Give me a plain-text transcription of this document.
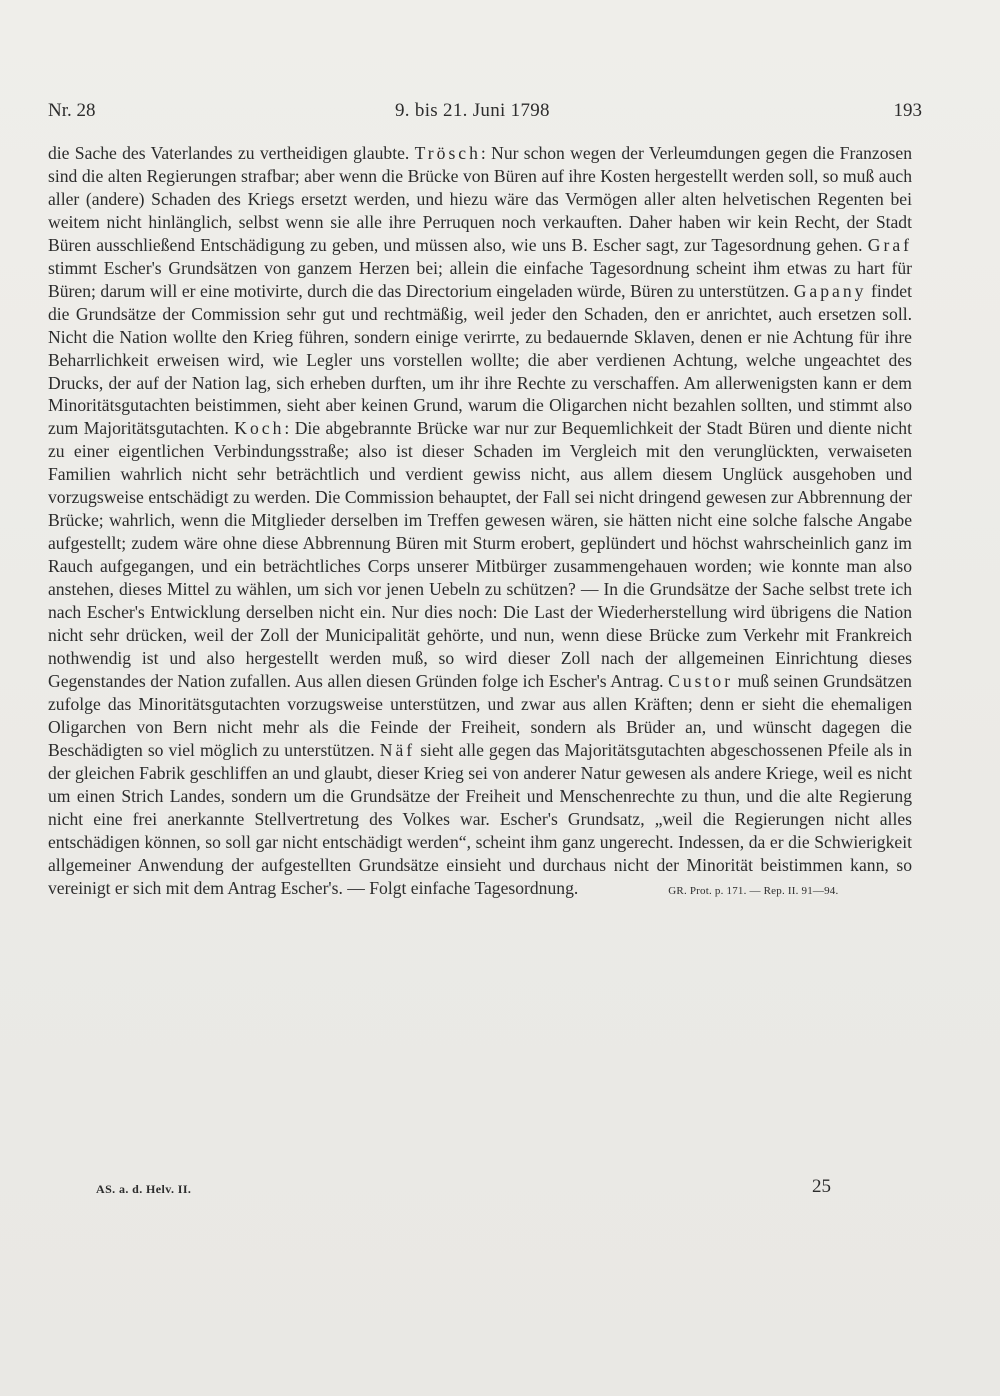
Nr. 28	9. bis 21. Juni 1798	193

die Sache des Vaterlandes zu vertheidigen glaubte. Trösch: Nur schon wegen der Verleumdungen gegen die Franzosen sind die alten Regierungen strafbar; aber wenn die Brücke von Büren auf ihre Kosten hergestellt werden soll, so muß auch aller (andere) Schaden des Kriegs ersetzt werden, und hiezu wäre das Vermögen aller alten helvetischen Regenten bei weitem nicht hinlänglich, selbst wenn sie alle ihre Perruquen noch verkauften. Daher haben wir kein Recht, der Stadt Büren ausschließend Entschädigung zu geben, und müssen also, wie uns B. Escher sagt, zur Tagesordnung gehen. Graf stimmt Escher's Grundsätzen von ganzem Herzen bei; allein die einfache Tagesordnung scheint ihm etwas zu hart für Büren; darum will er eine motivirte, durch die das Directorium eingeladen würde, Büren zu unterstützen. Gapany findet die Grundsätze der Commission sehr gut und rechtmäßig, weil jeder den Schaden, den er anrichtet, auch ersetzen soll. Nicht die Nation wollte den Krieg führen, sondern einige verirrte, zu bedauernde Sklaven, denen er nie Achtung für ihre Beharrlichkeit erweisen wird, wie Legler uns vorstellen wollte; die aber verdienen Achtung, welche ungeachtet des Drucks, der auf der Nation lag, sich erheben durften, um ihr ihre Rechte zu verschaffen. Am allerwenigsten kann er dem Minoritätsgutachten beistimmen, sieht aber keinen Grund, warum die Oligarchen nicht bezahlen sollten, und stimmt also zum Majoritätsgutachten. Koch: Die abgebrannte Brücke war nur zur Bequemlichkeit der Stadt Büren und diente nicht zu einer eigentlichen Verbindungsstraße; also ist dieser Schaden im Vergleich mit den verunglückten, verwaiseten Familien wahrlich nicht sehr beträchtlich und verdient gewiss nicht, aus allem diesem Unglück ausgehoben und vorzugsweise entschädigt zu werden. Die Commission behauptet, der Fall sei nicht dringend gewesen zur Abbrennung der Brücke; wahrlich, wenn die Mitglieder derselben im Treffen gewesen wären, sie hätten nicht eine solche falsche Angabe aufgestellt; zudem wäre ohne diese Abbrennung Büren mit Sturm erobert, geplündert und höchst wahrscheinlich ganz im Rauch aufgegangen, und ein beträchtliches Corps unserer Mitbürger zusammengehauen worden; wie konnte man also anstehen, dieses Mittel zu wählen, um sich vor jenen Uebeln zu schützen? — In die Grundsätze der Sache selbst trete ich nach Escher's Entwicklung derselben nicht ein. Nur dies noch: Die Last der Wiederherstellung wird übrigens die Nation nicht sehr drücken, weil der Zoll der Municipalität gehörte, und nun, wenn diese Brücke zum Verkehr mit Frankreich nothwendig ist und also hergestellt werden muß, so wird dieser Zoll nach der allgemeinen Einrichtung dieses Gegenstandes der Nation zufallen. Aus allen diesen Gründen folge ich Escher's Antrag. Custor muß seinen Grundsätzen zufolge das Minoritätsgutachten vorzugsweise unterstützen, und zwar aus allen Kräften; denn er sieht die ehemaligen Oligarchen von Bern nicht mehr als die Feinde der Freiheit, sondern als Brüder an, und wünscht dagegen die Beschädigten so viel möglich zu unterstützen. Näf sieht alle gegen das Majoritätsgutachten abgeschossenen Pfeile als in der gleichen Fabrik geschliffen an und glaubt, dieser Krieg sei von anderer Natur gewesen als andere Kriege, weil es nicht um einen Strich Landes, sondern um die Grundsätze der Freiheit und Menschenrechte zu thun, und die alte Regierung nicht eine frei anerkannte Stellvertretung des Volkes war. Escher's Grundsatz, „weil die Regierungen nicht alles entschädigen können, so soll gar nicht entschädigt werden“, scheint ihm ganz ungerecht. Indessen, da er die Schwierigkeit allgemeiner Anwendung der aufgestellten Grundsätze einsieht und durchaus nicht der Minorität beistimmen kann, so vereinigt er sich mit dem Antrag Escher's. — Folgt einfache Tagesordnung.	GR. Prot. p. 171. — Rep. II. 91—94.

AS. a. d. Helv. II.	25
